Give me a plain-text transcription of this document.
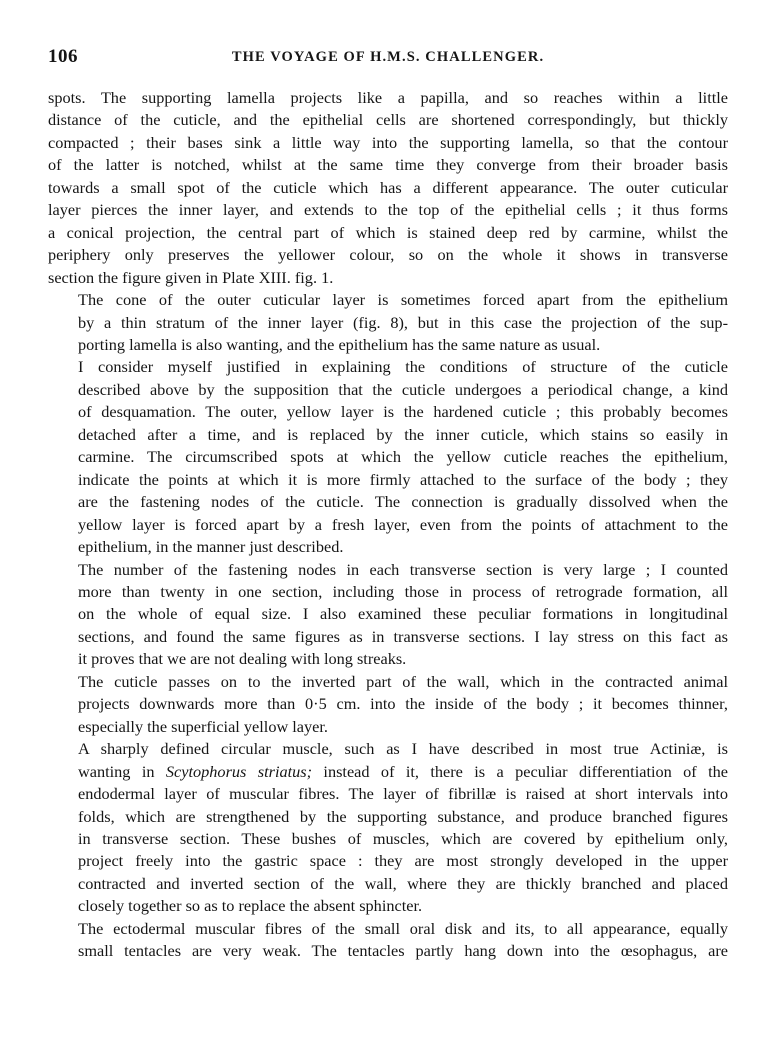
106	THE VOYAGE OF H.M.S. CHALLENGER.

spots. The supporting lamella projects like a papilla, and so reaches within a little
distance of the cuticle, and the epithelial cells are shortened correspondingly, but thickly
compacted ; their bases sink a little way into the supporting lamella, so that the contour
of the latter is notched, whilst at the same time they converge from their broader basis
towards a small spot of the cuticle which has a different appearance. The outer cuticular
layer pierces the inner layer, and extends to the top of the epithelial cells ; it thus forms
a conical projection, the central part of which is stained deep red by carmine, whilst the
periphery only preserves the yellower colour, so on the whole it shows in transverse
section the figure given in Plate XIII. fig. 1.

The cone of the outer cuticular layer is sometimes forced apart from the epithelium
by a thin stratum of the inner layer (fig. 8), but in this case the projection of the sup-
porting lamella is also wanting, and the epithelium has the same nature as usual.

I consider myself justified in explaining the conditions of structure of the cuticle
described above by the supposition that the cuticle undergoes a periodical change, a kind
of desquamation. The outer, yellow layer is the hardened cuticle ; this probably becomes
detached after a time, and is replaced by the inner cuticle, which stains so easily in
carmine. The circumscribed spots at which the yellow cuticle reaches the epithelium,
indicate the points at which it is more firmly attached to the surface of the body ; they
are the fastening nodes of the cuticle. The connection is gradually dissolved when the
yellow layer is forced apart by a fresh layer, even from the points of attachment to the
epithelium, in the manner just described.

The number of the fastening nodes in each transverse section is very large ; I counted
more than twenty in one section, including those in process of retrograde formation, all
on the whole of equal size. I also examined these peculiar formations in longitudinal
sections, and found the same figures as in transverse sections. I lay stress on this fact as
it proves that we are not dealing with long streaks.

The cuticle passes on to the inverted part of the wall, which in the contracted animal
projects downwards more than 0·5 cm. into the inside of the body ; it becomes thinner,
especially the superficial yellow layer.

A sharply defined circular muscle, such as I have described in most true Actiniæ, is
wanting in Scytophorus striatus; instead of it, there is a peculiar differentiation of the
endodermal layer of muscular fibres. The layer of fibrillæ is raised at short intervals into
folds, which are strengthened by the supporting substance, and produce branched figures
in transverse section. These bushes of muscles, which are covered by epithelium only,
project freely into the gastric space : they are most strongly developed in the upper
contracted and inverted section of the wall, where they are thickly branched and placed
closely together so as to replace the absent sphincter.

The ectodermal muscular fibres of the small oral disk and its, to all appearance, equally
small tentacles are very weak. The tentacles partly hang down into the œsophagus, are
